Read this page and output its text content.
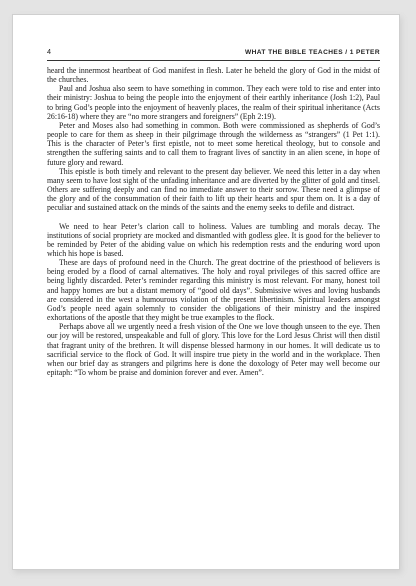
4	WHAT THE BIBLE TEACHES / 1 PETER

heard the innermost heartbeat of God manifest in flesh. Later he beheld the glory of God in the midst of the churches.

Paul and Joshua also seem to have something in common. They each were told to rise and enter into their ministry: Joshua to being the people into the enjoyment of their earthly inheritance (Josh 1:2), Paul to bring God’s people into the enjoyment of heavenly places, the realm of their spiritual inheritance (Acts 26:16-18) where they are “no more strangers and foreigners” (Eph 2:19).

Peter and Moses also had something in common. Both were commissioned as shepherds of God’s people to care for them as sheep in their pilgrimage through the wilderness as “strangers” (1 Pet 1:1). This is the character of Peter’s first epistle, not to meet some heretical theology, but to console and strengthen the suffering saints and to call them to fragrant lives of sanctity in an alien scene, in hope of future glory and reward.

This epistle is both timely and relevant to the present day believer. We need this letter in a day when many seem to have lost sight of the unfading inheritance and are diverted by the glitter of gold and tinsel. Others are suffering deeply and can find no immediate answer to their sorrow. These need a glimpse of the glory and of the consummation of their faith to lift up their hearts and spur them on. It is a day of peculiar and sustained attack on the minds of the saints and the enemy seeks to defile and distract.

We need to hear Peter’s clarion call to holiness. Values are tumbling and morals decay. The institutions of social propriety are mocked and dismantled with godless glee. It is good for the believer to be reminded by Peter of the abiding value on which his redemption rests and the enduring word upon which his hope is based.

These are days of profound need in the Church. The great doctrine of the priesthood of believers is being eroded by a flood of carnal alternatives. The holy and royal privileges of this sacred office are being lightly discarded. Peter’s reminder regarding this ministry is most relevant. For many, honest toil and happy homes are but a distant memory of “good old days”. Submissive wives and loving husbands are considered in the west a humourous violation of the present libertinism. Spiritual leaders amongst God’s people need again solemnly to consider the obligations of their ministry and the inspired exhortations of the apostle that they might be true examples to the flock.

Perhaps above all we urgently need a fresh vision of the One we love though unseen to the eye. Then our joy will be restored, unspeakable and full of glory. This love for the Lord Jesus Christ will then distil that fragrant unity of the brethren. It will dispense blessed harmony in our homes. It will dedicate us to sacrificial service to the flock of God. It will inspire true piety in the world and in the workplace. Then when our brief day as strangers and pilgrims here is done the doxology of Peter may well become our epitaph: “To whom be praise and dominion forever and ever. Amen”.
